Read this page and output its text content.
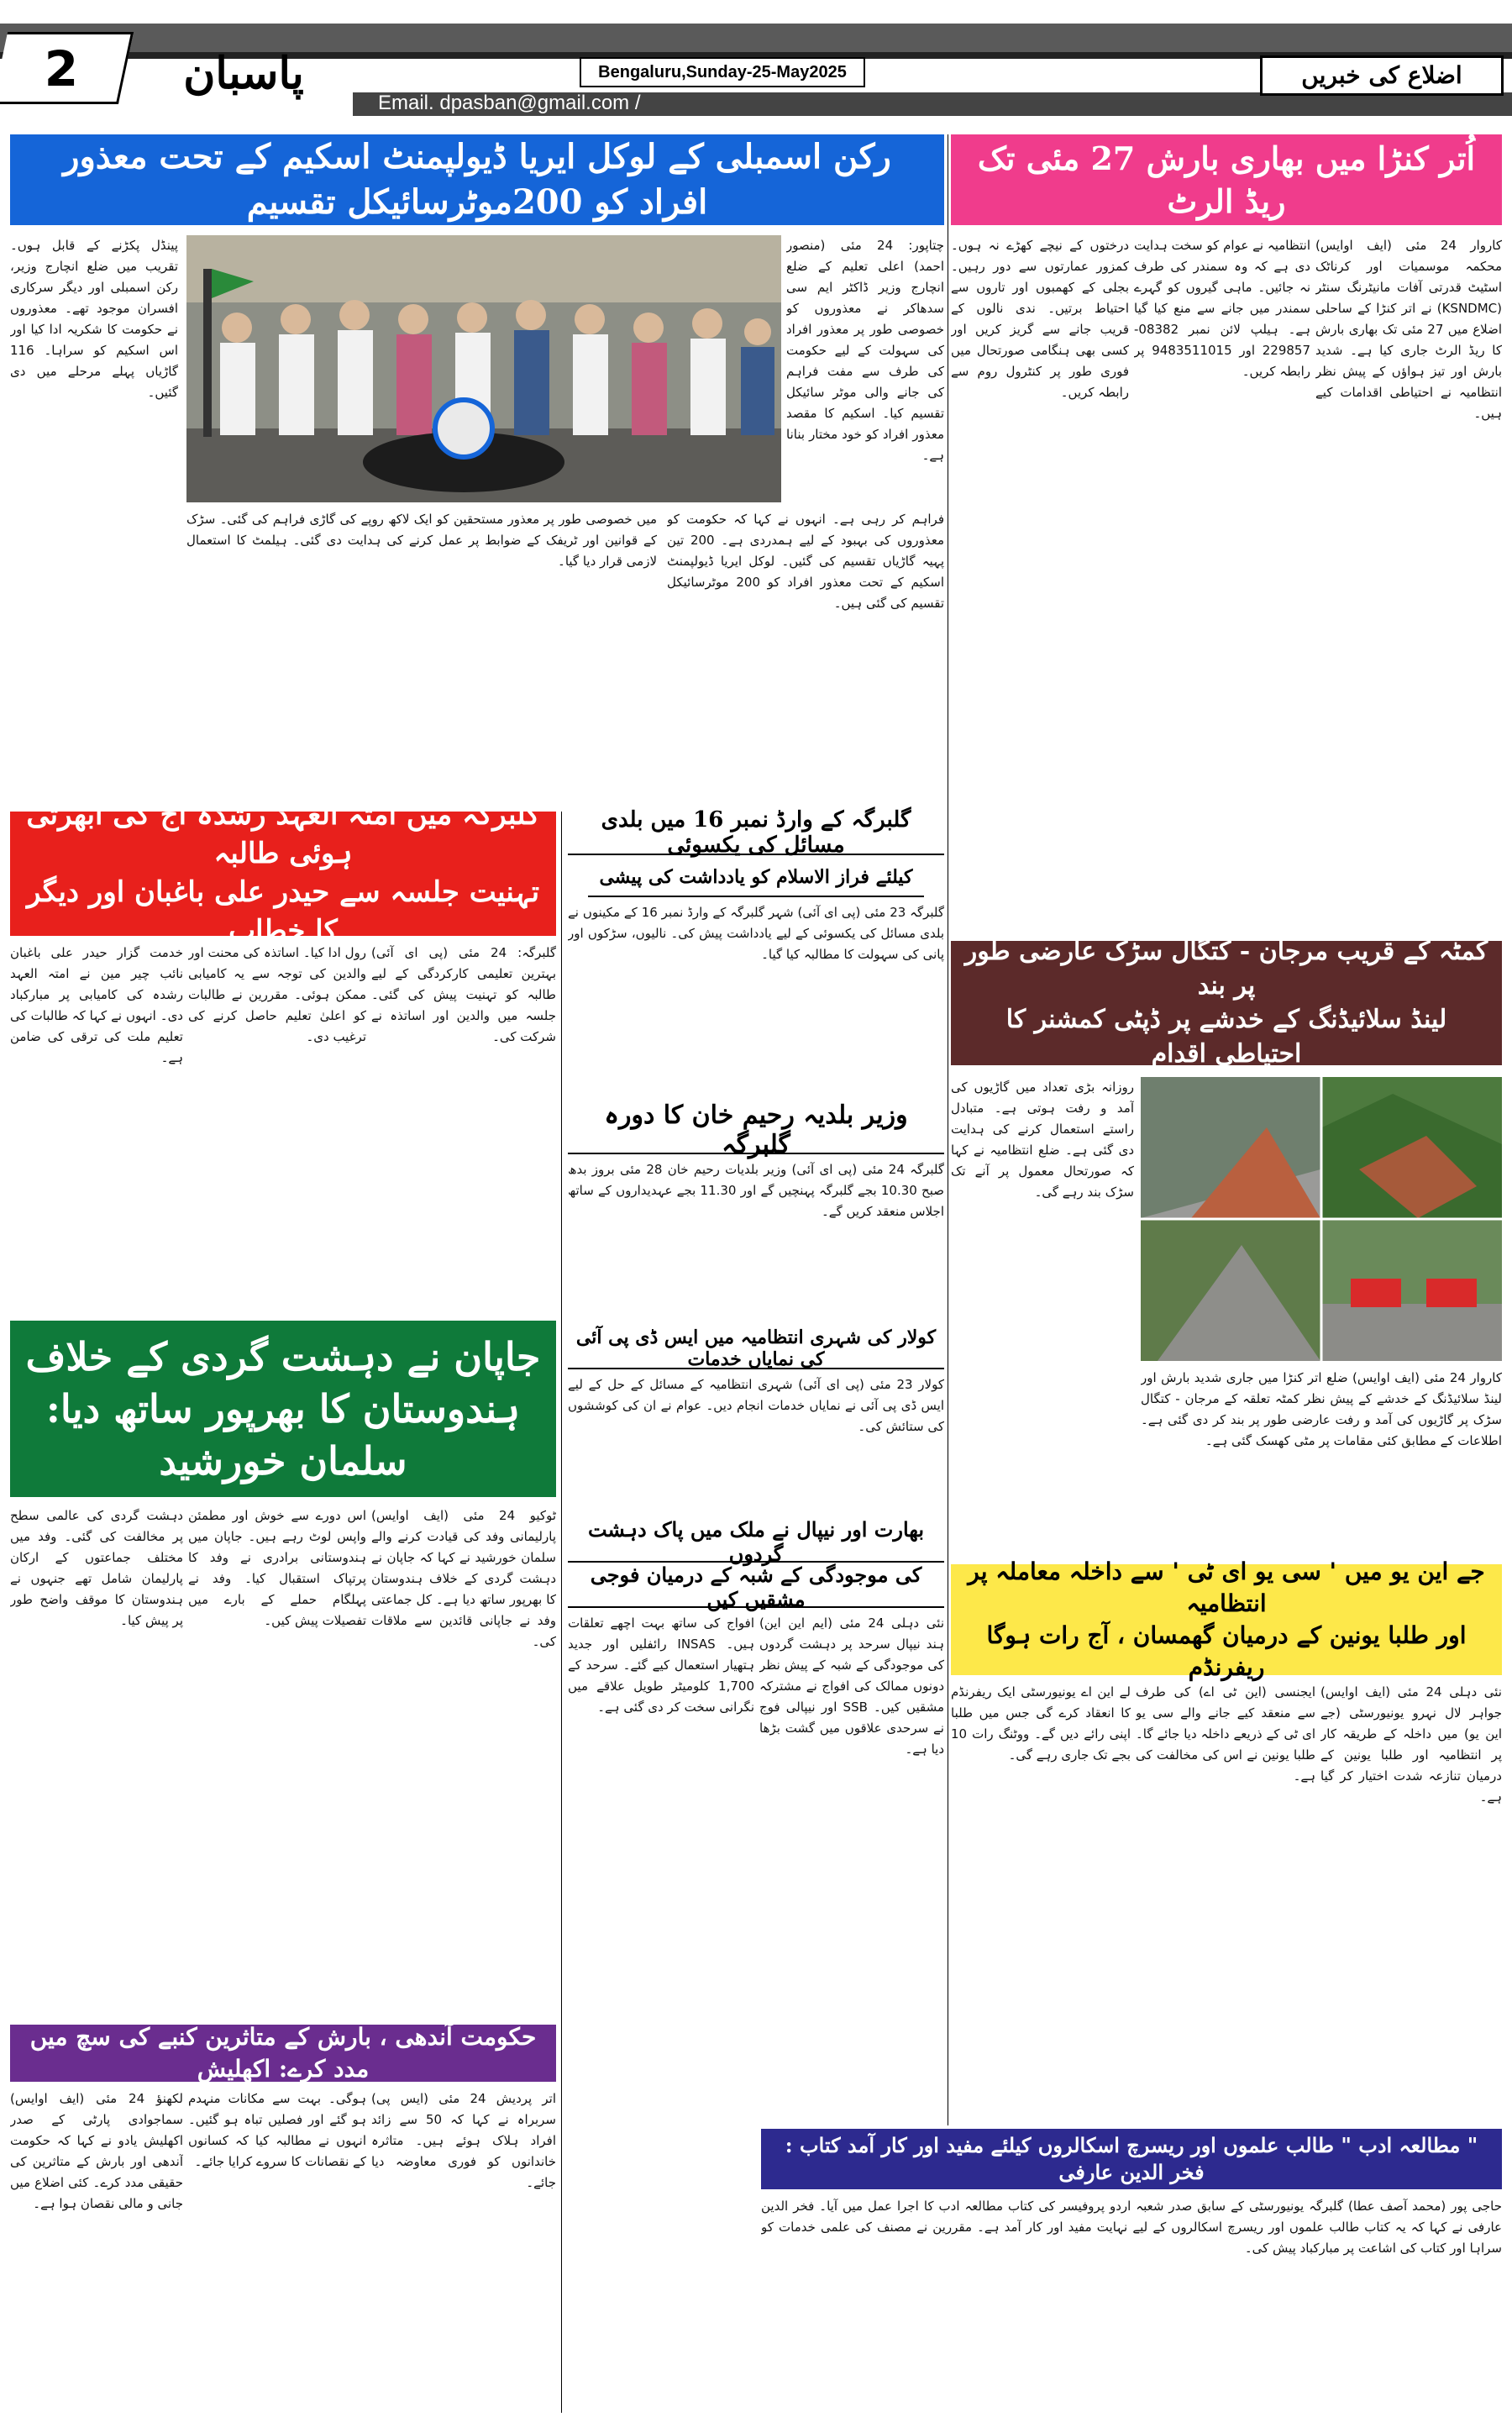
2	پاسبان	Bengaluru,Sunday-25-May2025
Email. dpasban@gmail.com /
اضلاع کی خبریں
رکن اسمبلی کے لوکل ایریا ڈیولپمنٹ اسکیم کے تحت معذور افراد کو 200موٹرسائیکل تقسیم
اُتر کنڑا میں بھاری بارش 27 مئی تک ریڈ الرٹ
چتاپور: 24 مئی (منصور احمد) اعلی تعلیم کے ضلع انچارج وزیر ڈاکٹر ایم سی سدھاکر نے معذوروں کو خصوصی طور پر معذور افراد کی سہولت کے لیے حکومت کی طرف سے مفت فراہم کی جانے والی موٹر سائیکل تقسیم کیا۔ اسکیم کا مقصد معذور افراد کو خود مختار بنانا ہے۔
پینڈل پکڑنے کے قابل ہوں۔ تقریب میں ضلع انچارج وزیر، رکن اسمبلی اور دیگر سرکاری افسران موجود تھے۔ معذوروں نے حکومت کا شکریہ ادا کیا اور اس اسکیم کو سراہا۔ 116 گاڑیاں پہلے مرحلے میں دی گئیں۔
فراہم کر رہی ہے۔ انہوں نے کہا کہ حکومت کو معذوروں کی بہبود کے لیے ہمدردی ہے۔ 200 تین پہیہ گاڑیاں تقسیم کی گئیں۔ لوکل ایریا ڈیولپمنٹ اسکیم کے تحت معذور افراد کو 200 موٹرسائیکل تقسیم کی گئی ہیں۔
میں خصوصی طور پر معذور مستحقین کو ایک لاکھ روپے کی گاڑی فراہم کی گئی۔ سڑک کے قوانین اور ٹریفک کے ضوابط پر عمل کرنے کی ہدایت دی گئی۔ ہیلمٹ کا استعمال لازمی قرار دیا گیا۔
کاروار 24 مئی (ایف اوایس) محکمہ موسمیات اور کرناٹک اسٹیٹ قدرتی آفات مانیٹرنگ سنٹر (KSNDMC) نے اتر کنڑا کے ساحلی اضلاع میں 27 مئی تک بھاری بارش کا ریڈ الرٹ جاری کیا ہے۔ شدید بارش اور تیز ہواؤں کے پیش نظر انتظامیہ نے احتیاطی اقدامات کیے ہیں۔
انتظامیہ نے عوام کو سخت ہدایت دی ہے کہ وہ سمندر کی طرف نہ جائیں۔ ماہی گیروں کو گہرے سمندر میں جانے سے منع کیا گیا ہے۔ ہیلپ لائن نمبر 08382-229857 اور 9483511015 پر رابطہ کریں۔
درختوں کے نیچے کھڑے نہ ہوں۔ کمزور عمارتوں سے دور رہیں۔ بجلی کے کھمبوں اور تاروں سے احتیاط برتیں۔ ندی نالوں کے قریب جانے سے گریز کریں اور کسی بھی ہنگامی صورتحال میں فوری طور پر کنٹرول روم سے رابطہ کریں۔
گلبرگہ میں امتہ العہد رشدہ آج کی ابھرتی ہوئی طالبہ
تہنیت جلسہ سے حیدر علی باغبان اور دیگر کا خطاب
خدمت گزار حیدر علی باغبان نائب چیر مین نے امتہ العہد رشدہ کی کامیابی پر مبارکباد دی۔ انہوں نے کہا کہ طالبات کی تعلیم ملت کی ترقی کی ضامن ہے۔
گلبرگہ: 24 مئی (پی ای آئی) بہترین تعلیمی کارکردگی کے لیے طالبہ کو تہنیت پیش کی گئی۔ جلسہ میں والدین اور اساتذہ نے شرکت کی۔
رول ادا کیا۔ اساتذہ کی محنت اور والدین کی توجہ سے یہ کامیابی ممکن ہوئی۔ مقررین نے طالبات کو اعلیٰ تعلیم حاصل کرنے کی ترغیب دی۔
گلبرگہ کے وارڈ نمبر 16 میں بلدی مسائل کی یکسوئی
کیلئے فراز الاسلام کو یادداشت کی پیشی
گلبرگہ 23 مئی (پی ای آئی) شہر گلبرگہ کے وارڈ نمبر 16 کے مکینوں نے بلدی مسائل کی یکسوئی کے لیے یادداشت پیش کی۔ نالیوں، سڑکوں اور پانی کی سہولت کا مطالبہ کیا گیا۔
وزیر بلدیہ رحیم خان کا دورہ گلبرگہ
گلبرگہ 24 مئی (پی ای آئی) وزیر بلدیات رحیم خان 28 مئی بروز بدھ صبح 10.30 بجے گلبرگہ پہنچیں گے اور 11.30 بجے عہدیداروں کے ساتھ اجلاس منعقد کریں گے۔
کولار کی شہری انتظامیہ میں ایس ڈی پی آئی کی نمایاں خدمات
کولار 23 مئی (پی ای آئی) شہری انتظامیہ کے مسائل کے حل کے لیے ایس ڈی پی آئی نے نمایاں خدمات انجام دیں۔ عوام نے ان کی کوششوں کی ستائش کی۔
بھارت اور نیپال نے ملک میں پاک دہشت گردوں
کی موجودگی کے شبہ کے درمیان فوجی مشقیں کیں
نئی دہلی 24 مئی (ایم این این) ہند نیپال سرحد پر دہشت گردوں کی موجودگی کے شبہ کے پیش نظر دونوں ممالک کی افواج نے مشترکہ مشقیں کیں۔ SSB اور نیپالی فوج نے سرحدی علاقوں میں گشت بڑھا دیا ہے۔
افواج کی ساتھ بہت اچھے تعلقات ہیں۔ INSAS رائفلیں اور جدید ہتھیار استعمال کیے گئے۔ سرحد کے 1,700 کلومیٹر طویل علاقے میں نگرانی سخت کر دی گئی ہے۔
کمٹہ کے قریب مرجان - کتگال سڑک عارضی طور پر بند
لینڈ سلائیڈنگ کے خدشے پر ڈپٹی کمشنر کا احتیاطی اقدام
روزانہ بڑی تعداد میں گاڑیوں کی آمد و رفت ہوتی ہے۔ متبادل راستے استعمال کرنے کی ہدایت دی گئی ہے۔ ضلع انتظامیہ نے کہا کہ صورتحال معمول پر آنے تک سڑک بند رہے گی۔
کاروار 24 مئی (ایف اوایس) ضلع اتر کنڑا میں جاری شدید بارش اور لینڈ سلائیڈنگ کے خدشے کے پیش نظر کمٹہ تعلقہ کے مرجان - کتگال سڑک پر گاڑیوں کی آمد و رفت عارضی طور پر بند کر دی گئی ہے۔ اطلاعات کے مطابق کئی مقامات پر مٹی کھسک گئی ہے۔
جاپان نے دہشت گردی کے خلاف
ہندوستان کا بھرپور ساتھ دیا: سلمان خورشید
ٹوکیو 24 مئی (ایف اوایس) پارلیمانی وفد کی قیادت کرنے والے سلمان خورشید نے کہا کہ جاپان نے دہشت گردی کے خلاف ہندوستان کا بھرپور ساتھ دیا ہے۔ کل جماعتی وفد نے جاپانی قائدین سے ملاقات کی۔
اس دورے سے خوش اور مطمئن واپس لوٹ رہے ہیں۔ جاپان میں ہندوستانی برادری نے وفد کا پرتپاک استقبال کیا۔ وفد نے پہلگام حملے کے بارے میں تفصیلات پیش کیں۔
دہشت گردی کی عالمی سطح پر مخالفت کی گئی۔ وفد میں مختلف جماعتوں کے ارکان پارلیمان شامل تھے جنہوں نے ہندوستان کا موقف واضح طور پر پیش کیا۔
جے این یو میں ' سی یو ای ٹی ' سے داخلہ معاملہ پر انتظامیہ
اور طلبا یونین کے درمیان گھمسان ، آج رات ہوگا ریفرنڈم
نئی دہلی 24 مئی (ایف اوایس) جواہر لال نہرو یونیورسٹی (جے این یو) میں داخلہ کے طریقہ کار پر انتظامیہ اور طلبا یونین کے درمیان تنازعہ شدت اختیار کر گیا ہے۔
ایجنسی (این ٹی اے) کی طرف سے منعقد کیے جانے والے سی یو ای ٹی کے ذریعے داخلہ دیا جائے گا۔ طلبا یونین نے اس کی مخالفت کی ہے۔
لے این اے یونیورسٹی ایک ریفرنڈم کا انعقاد کرے گی جس میں طلبا اپنی رائے دیں گے۔ ووٹنگ رات 10 بجے تک جاری رہے گی۔
حکومت آندھی ، بارش کے متاثرین کنبے کی سچ میں مدد کرے: اکھلیش
اتر پردیش 24 مئی (ایس پی) سربراہ نے کہا کہ 50 سے زائد افراد ہلاک ہوئے ہیں۔ متاثرہ خاندانوں کو فوری معاوضہ دیا جائے۔
ہوگی۔ بہت سے مکانات منہدم ہو گئے اور فصلیں تباہ ہو گئیں۔ انہوں نے مطالبہ کیا کہ کسانوں کے نقصانات کا سروے کرایا جائے۔
لکھنؤ 24 مئی (ایف اوایس) سماجوادی پارٹی کے صدر اکھلیش یادو نے کہا کہ حکومت آندھی اور بارش کے متاثرین کی حقیقی مدد کرے۔ کئی اضلاع میں جانی و مالی نقصان ہوا ہے۔
" مطالعہ ادب " طالب علموں اور ریسرچ اسکالروں کیلئے مفید اور کار آمد کتاب : فخر الدین عارفی
حاجی پور (محمد آصف عطا) گلبرگہ یونیورسٹی کے سابق صدر شعبہ اردو پروفیسر کی کتاب مطالعہ ادب کا اجرا عمل میں آیا۔ فخر الدین عارفی نے کہا کہ یہ کتاب طالب علموں اور ریسرچ اسکالروں کے لیے نہایت مفید اور کار آمد ہے۔ مقررین نے مصنف کی علمی خدمات کو سراہا اور کتاب کی اشاعت پر مبارکباد پیش کی۔
